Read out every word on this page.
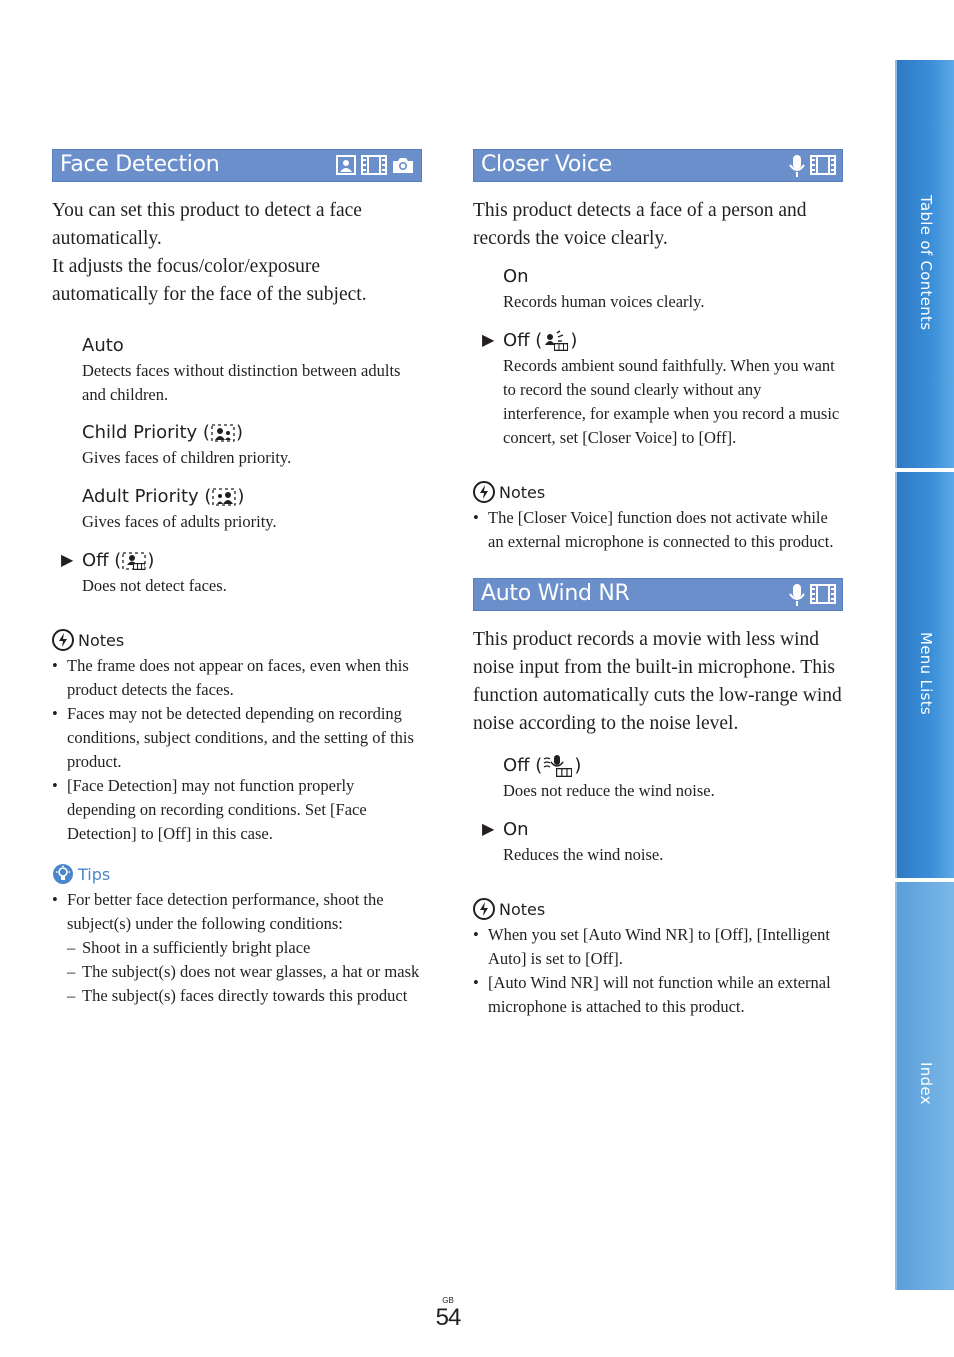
Face Detection

You can set this product to detect a face automatically.

It adjusts the focus/color/exposure automatically for the face of the subject.

Auto
Detects faces without distinction between adults and children.
Child Priority ( )
Gives faces of children priority.
Adult Priority ( )
Gives faces of adults priority.
▶ Off ( )
Does not detect faces.
Notes
• The frame does not appear on faces, even when this product detects the faces.
• Faces may not be detected depending on recording conditions, subject conditions, and the setting of this product.
• [Face Detection] may not function properly depending on recording conditions. Set [Face Detection] to [Off] in this case.
Tips
• For better face detection performance, shoot the subject(s) under the following conditions:
– Shoot in a sufficiently bright place
– The subject(s) does not wear glasses, a hat or mask
– The subject(s) faces directly towards this product
Closer Voice

This product detects a face of a person and records the voice clearly.

On
Records human voices clearly.
▶ Off ( )
Records ambient sound faithfully. When you want to record the sound clearly without any interference, for example when you record a music concert, set [Closer Voice] to [Off].
Notes
• The [Closer Voice] function does not activate while an external microphone is connected to this product.
Auto Wind NR

This product records a movie with less wind noise input from the built-in microphone. This function automatically cuts the low-range wind noise according to the noise level.

Off ( )
Does not reduce the wind noise.
▶ On
Reduces the wind noise.
Notes
• When you set [Auto Wind NR] to [Off], [Intelligent Auto] is set to [Off].
• [Auto Wind NR] will not function while an external microphone is attached to this product.
Table of Contents
Menu Lists
Index
GB
54
